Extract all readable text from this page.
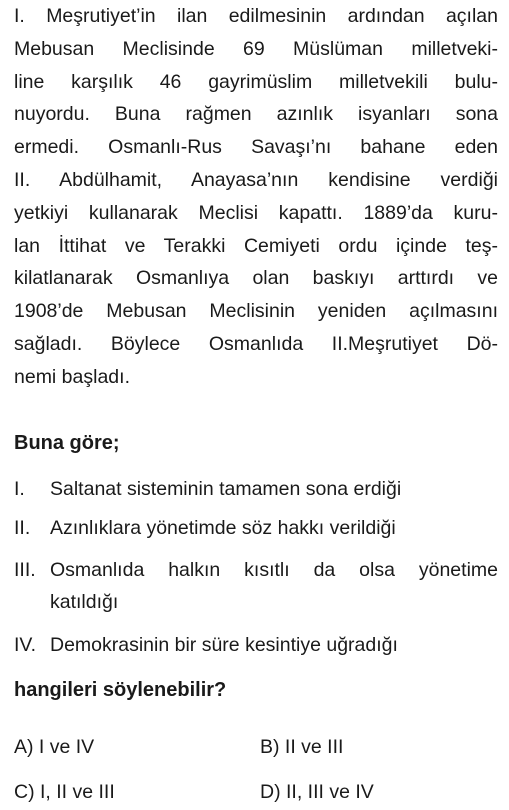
I. Meşrutiyet’in ilan edilmesinin ardından açılan
Mebusan Meclisinde 69 Müslüman milletveki-
line karşılık 46 gayrimüslim milletvekili bulu-
nuyordu. Buna rağmen azınlık isyanları sona
ermedi. Osmanlı-Rus Savaşı’nı bahane eden
II. Abdülhamit, Anayasa’nın kendisine verdiği
yetkiyi kullanarak Meclisi kapattı. 1889’da kuru-
lan İttihat ve Terakki Cemiyeti ordu içinde teş-
kilatlanarak Osmanlıya olan baskıyı arttırdı ve
1908’de Mebusan Meclisinin yeniden açılmasını
sağladı. Böylece Osmanlıda II.Meşrutiyet Dö-
nemi başladı.
Buna göre;
I. Saltanat sisteminin tamamen sona erdiği
II. Azınlıklara yönetimde söz hakkı verildiği
III. Osmanlıda halkın kısıtlı da olsa yönetime
katıldığı
IV. Demokrasinin bir süre kesintiye uğradığı
hangileri söylenebilir?
A) I ve IV	B) II ve III
C) I, II ve III	D) II, III ve IV
